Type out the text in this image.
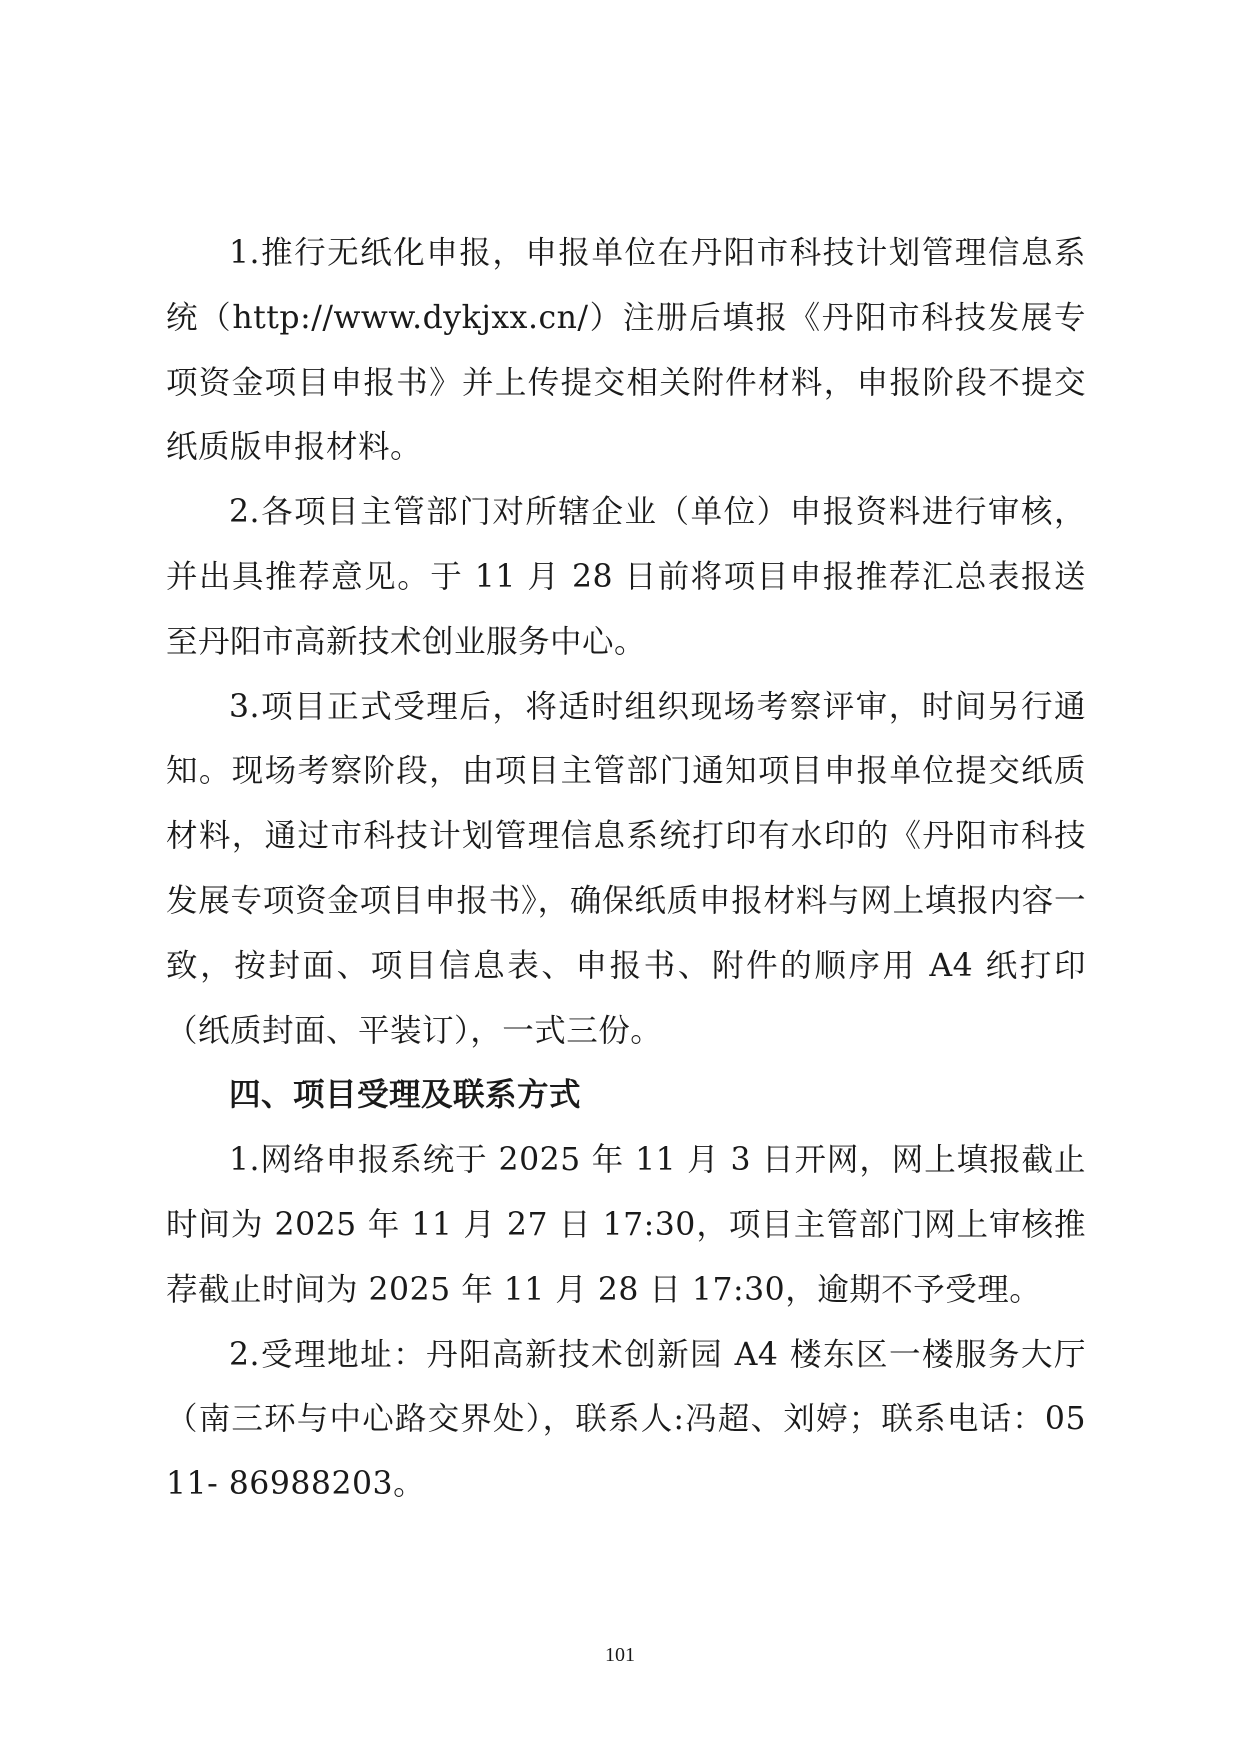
1.推行无纸化申报，申报单位在丹阳市科技计划管理信息系统（http://www.dykjxx.cn/）注册后填报《丹阳市科技发展专项资金项目申报书》并上传提交相关附件材料，申报阶段不提交纸质版申报材料。

2.各项目主管部门对所辖企业（单位）申报资料进行审核，并出具推荐意见。于 11 月 28 日前将项目申报推荐汇总表报送至丹阳市高新技术创业服务中心。

3.项目正式受理后，将适时组织现场考察评审，时间另行通知。现场考察阶段，由项目主管部门通知项目申报单位提交纸质材料，通过市科技计划管理信息系统打印有水印的《丹阳市科技发展专项资金项目申报书》，确保纸质申报材料与网上填报内容一致，按封面、项目信息表、申报书、附件的顺序用 A4 纸打印（纸质封面、平装订），一式三份。

四、项目受理及联系方式

1.网络申报系统于 2025 年 11 月 3 日开网，网上填报截止时间为 2025 年 11 月 27 日 17:30，项目主管部门网上审核推荐截止时间为 2025 年 11 月 28 日 17:30，逾期不予受理。

2.受理地址：丹阳高新技术创新园 A4 楼东区一楼服务大厅（南三环与中心路交界处），联系人:冯超、刘婷；联系电话：0511- 86988203。

101
